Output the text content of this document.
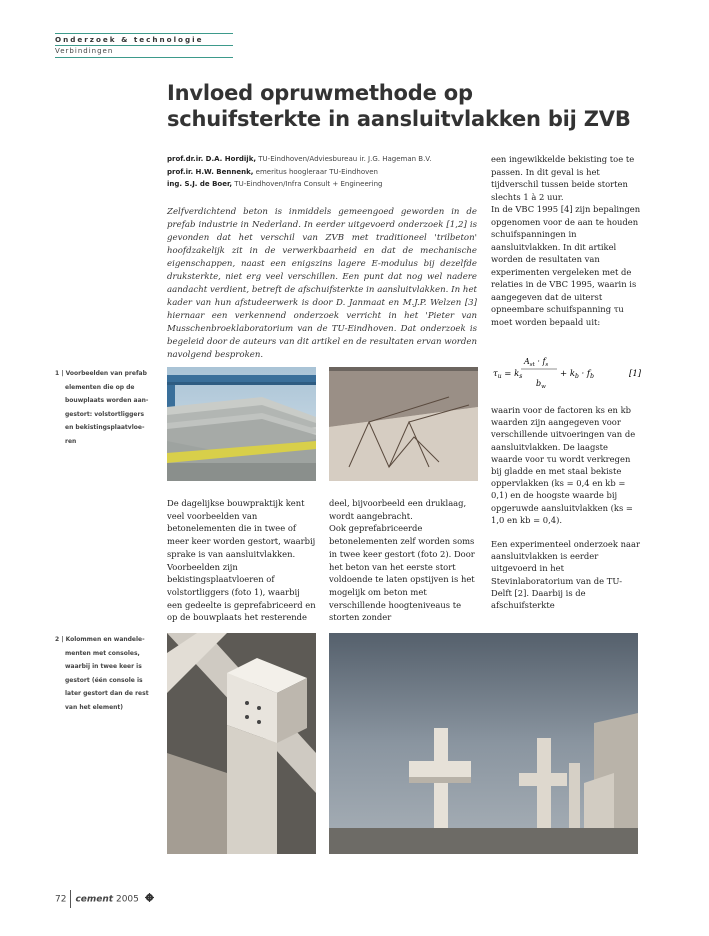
Onderzoek & technologie
Verbindingen
Invloed opruwmethode op
schuifsterkte in aansluitvlakken bij ZVB
prof.dr.ir. D.A. Hordijk, TU-Eindhoven/Adviesbureau ir. J.G. Hageman B.V.
prof.ir. H.W. Bennenk, emeritus hoogleraar TU-Eindhoven
ing. S.J. de Boer, TU-Eindhoven/Infra Consult + Engineering
Zelfverdichtend beton is inmiddels gemeengoed geworden in de prefab industrie in Nederland. In eerder uitgevoerd onderzoek [1,2] is gevonden dat het verschil van ZVB met traditioneel 'trilbeton' hoofdzakelijk zit in de verwerkbaarheid en dat de mechanische eigenschappen, naast een enigszins lagere E-modulus bij dezelfde druksterkte, niet erg veel verschillen. Een punt dat nog wel nadere aandacht verdient, betreft de afschuifsterkte in aansluitvlakken. In het kader van hun afstudeerwerk is door D. Janmaat en M.J.P. Welzen [3] hiernaar een verkennend onderzoek verricht in het 'Pieter van Musschenbroeklaboratorium van de TU-Eindhoven. Dat onderzoek is begeleid door de auteurs van dit artikel en de resultaten ervan worden navolgend besproken.

een ingewikkelde bekisting toe te passen. In dit geval is het tijdverschil tussen beide storten slechts 1 à 2 uur.

In de VBC 1995 [4] zijn bepalingen opgenomen voor de aan te houden schuifspanningen in aansluitvlakken. In dit artikel worden de resultaten van experimenten vergeleken met de relaties in de VBC 1995, waarin is aangegeven dat de uiterst opneembare schuifspanning τu moet worden bepaald uit:

$\tau_u = k_s$
$A_{st} \cdot f_s$
$b_w$
+ $k_b \cdot f_b$	[1]

waarin voor de factoren ks en kb waarden zijn aangegeven voor verschillende uitvoeringen van de aansluitvlakken. De laagste waarde voor τu wordt verkregen bij gladde en met staal bekiste oppervlakken (ks = 0,4 en kb = 0,1) en de hoogste waarde bij opgeruwde aansluitvlakken (ks = 1,0 en kb = 0,4).

Een experimenteel onderzoek naar aansluitvlakken is eerder uitgevoerd in het Stevinlaboratorium van de TU-Delft [2]. Daarbij is de afschuifsterkte

1 | Voorbeelden van prefab
elementen die op de
bouwplaats worden aan-
gestort: volstortliggers
en bekistingsplaatvloe-
ren

De dagelijkse bouwpraktijk kent veel voorbeelden van betonelementen die in twee of meer keer worden gestort, waarbij sprake is van aansluitvlakken. Voorbeelden zijn bekistingsplaatvloeren of volstortliggers (foto 1), waarbij een gedeelte is geprefabriceerd en op de bouwplaats het resterende

deel, bijvoorbeeld een druklaag, wordt aangebracht.

Ook geprefabriceerde betonelementen zelf worden soms in twee keer gestort (foto 2). Door het beton van het eerste stort voldoende te laten opstijven is het mogelijk om beton met verschillende hoogteniveaus te storten zonder

2 | Kolommen en wandele-
menten met consoles,
waarbij in twee keer is
gestort (één console is
later gestort dan de rest
van het element)
72 cement 2005
